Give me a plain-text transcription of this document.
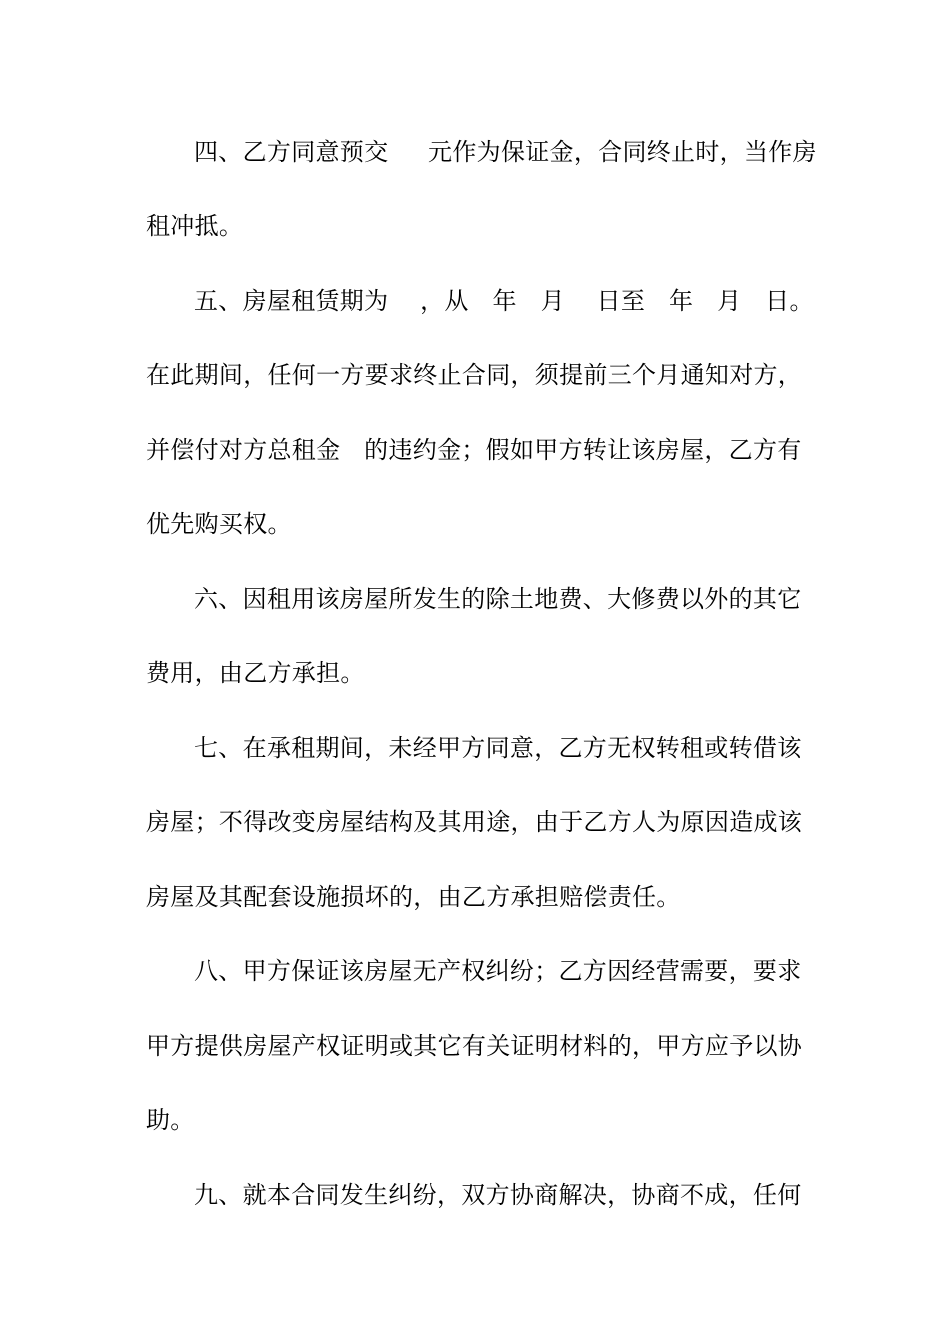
四、乙方同意预交     元作为保证金，合同终止时，当作房
租冲抵。
五、房屋租赁期为    ，从   年   月    日至   年   月   日。
在此期间，任何一方要求终止合同，须提前三个月通知对方，
并偿付对方总租金   的违约金；假如甲方转让该房屋，乙方有
优先购买权。
六、因租用该房屋所发生的除土地费、大修费以外的其它
费用，由乙方承担。
七、在承租期间，未经甲方同意，乙方无权转租或转借该
房屋；不得改变房屋结构及其用途，由于乙方人为原因造成该
房屋及其配套设施损坏的，由乙方承担赔偿责任。
八、甲方保证该房屋无产权纠纷；乙方因经营需要，要求
甲方提供房屋产权证明或其它有关证明材料的，甲方应予以协
助。
九、就本合同发生纠纷，双方协商解决，协商不成，任何
